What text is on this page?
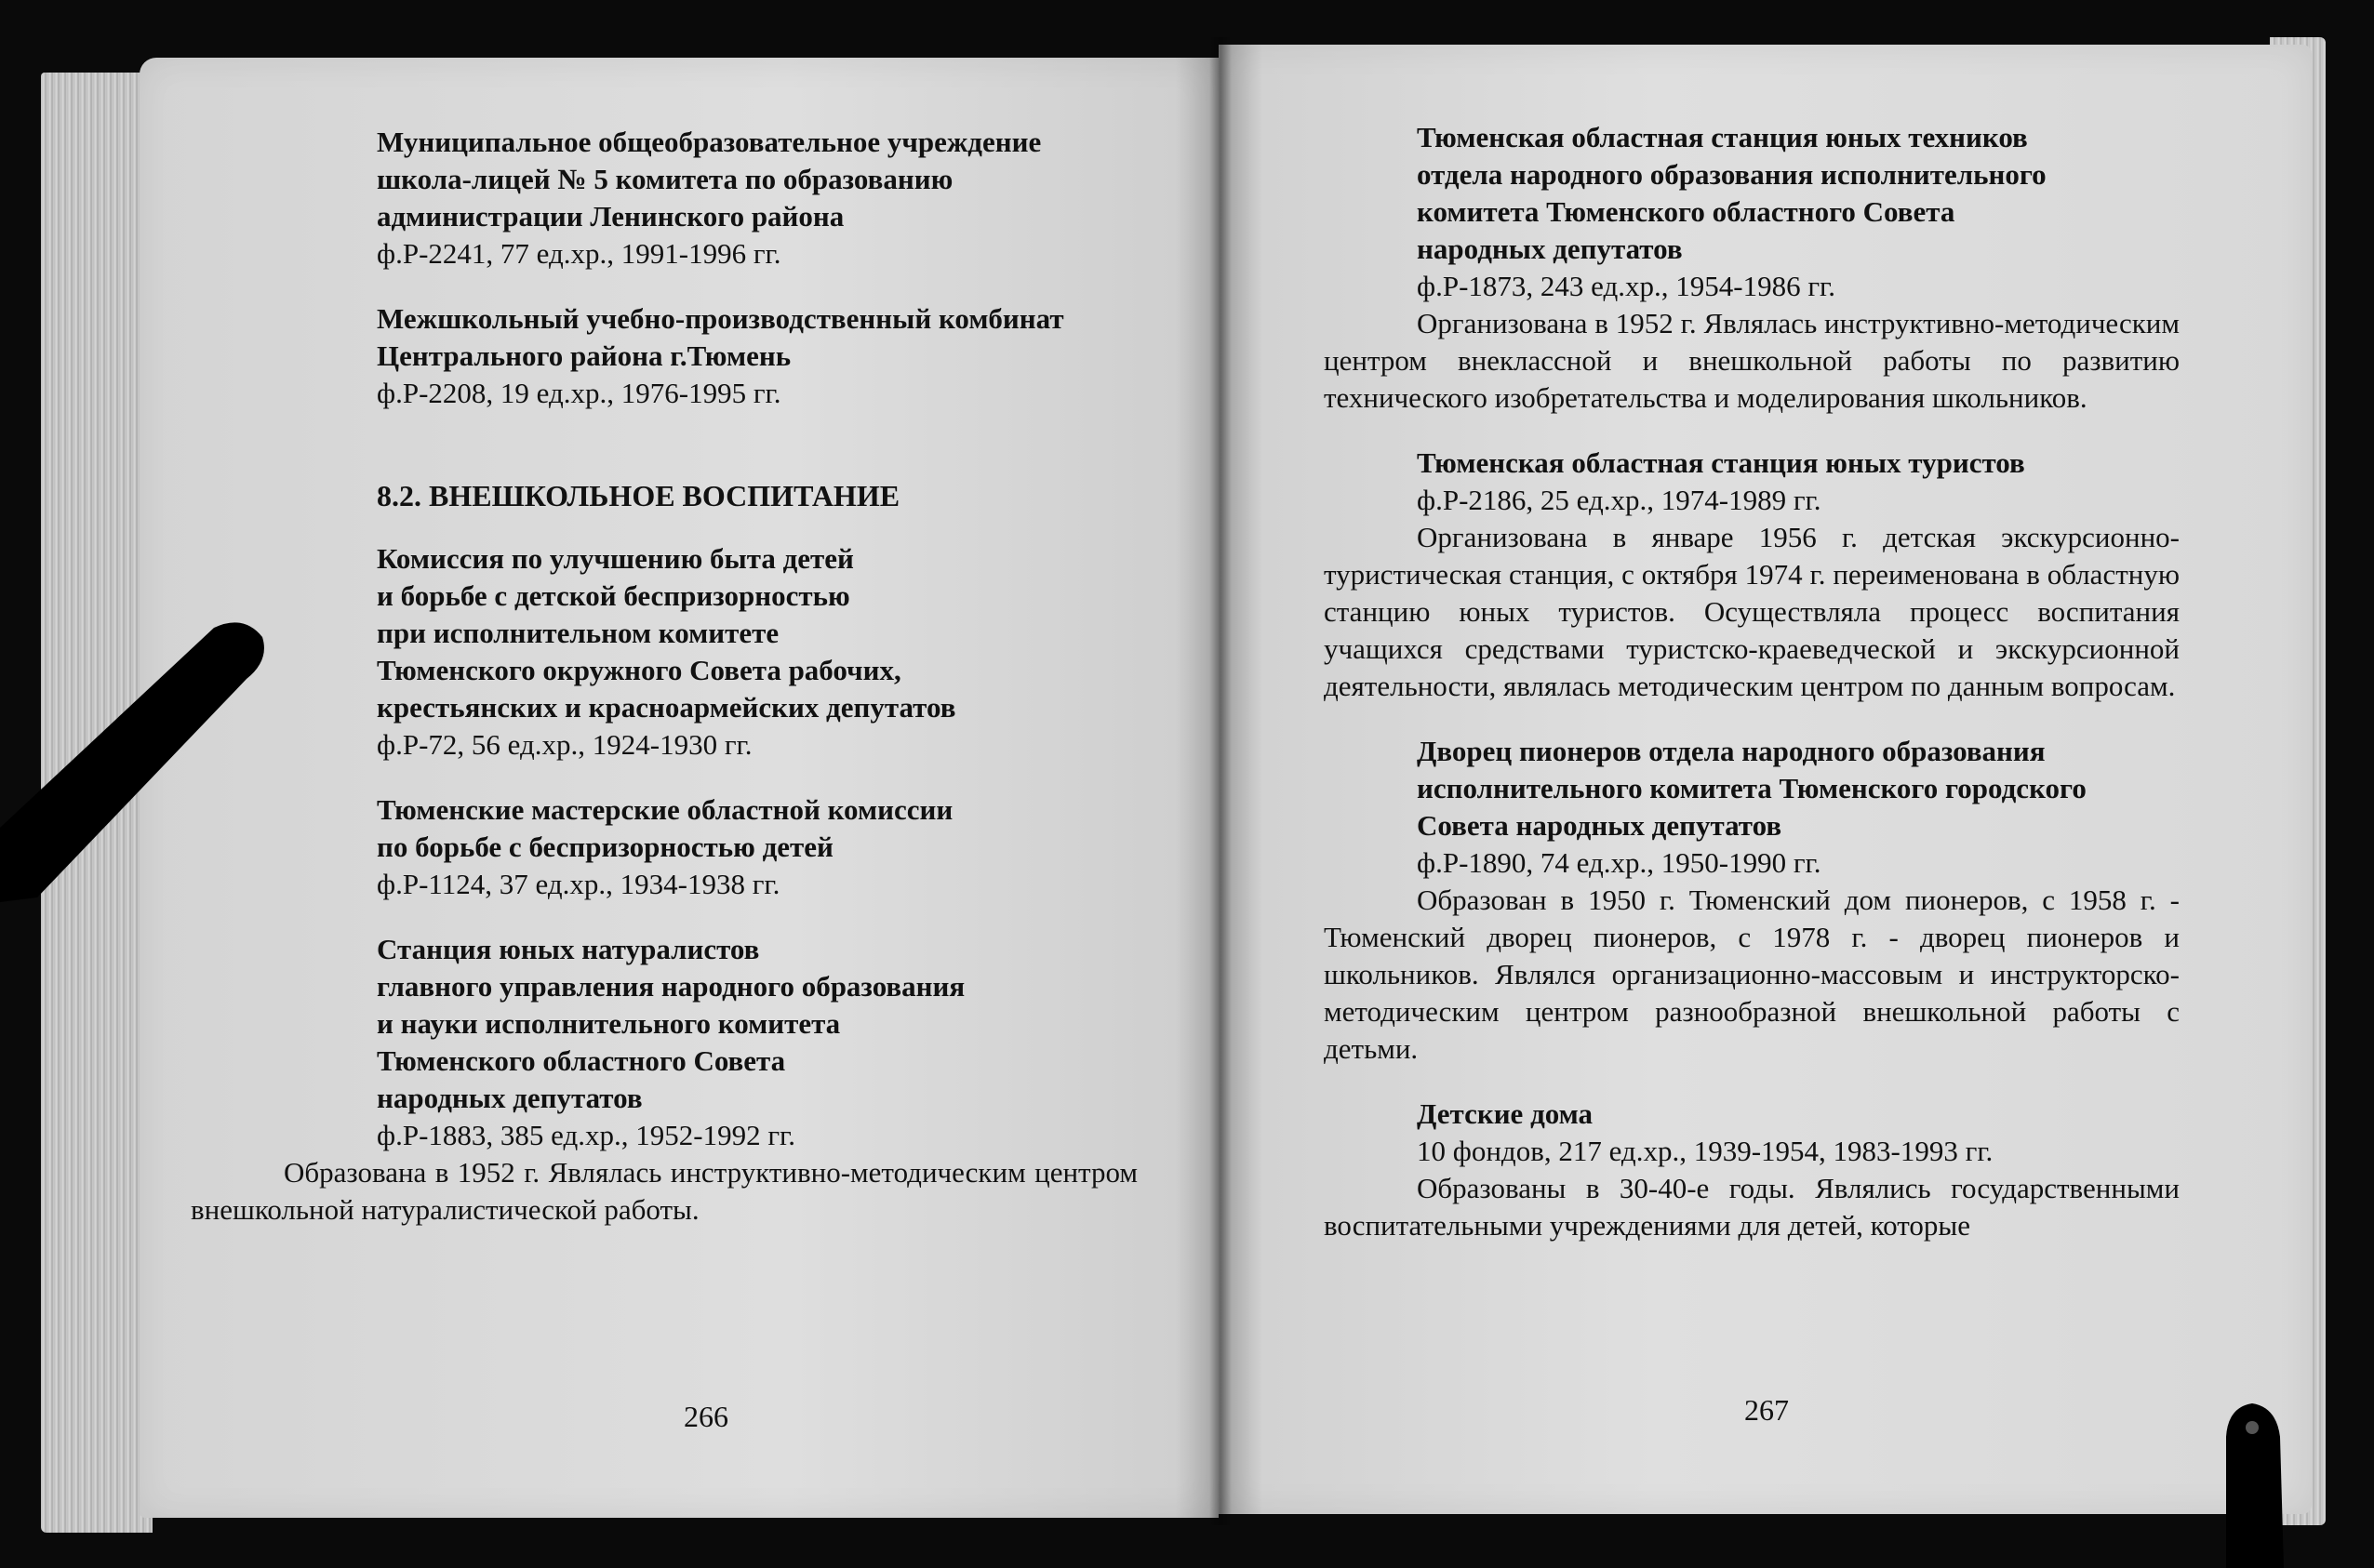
Муниципальное общеобразовательное учреждение
школа-лицей № 5 комитета по образованию
администрации Ленинского района

ф.Р-2241, 77 ед.хр., 1991-1996 гг.

Межшкольный учебно-производственный комбинат
Центрального района г.Тюмень

ф.Р-2208, 19 ед.хр., 1976-1995 гг.

8.2. ВНЕШКОЛЬНОЕ ВОСПИТАНИЕ

Комиссия по улучшению быта детей
и борьбе с детской беспризорностью
при исполнительном комитете
Тюменского окружного Совета рабочих,
крестьянских и красноармейских депутатов

ф.Р-72, 56 ед.хр., 1924-1930 гг.

Тюменские мастерские областной комиссии
по борьбе с беспризорностью детей

ф.Р-1124, 37 ед.хр., 1934-1938 гг.

Станция юных натуралистов
главного управления народного образования
и науки исполнительного комитета
Тюменского областного Совета
народных депутатов

ф.Р-1883, 385 ед.хр., 1952-1992 гг.

Образована в 1952 г. Являлась инструктивно-методическим центром внешкольной натуралистической работы.

266

Тюменская областная станция юных техников
отдела народного образования исполнительного
комитета Тюменского областного Совета
народных депутатов

ф.Р-1873, 243 ед.хр., 1954-1986 гг.

Организована в 1952 г. Являлась инструктивно-методическим центром внеклассной и внешкольной работы по развитию технического изобретательства и моделирования школьников.

Тюменская областная станция юных туристов

ф.Р-2186, 25 ед.хр., 1974-1989 гг.

Организована в январе 1956 г. детская экскурсионно-туристическая станция, с октября 1974 г. переименована в областную станцию юных туристов. Осуществляла процесс воспитания учащихся средствами туристско-краеведческой и экскурсионной деятельности, являлась методическим центром по данным вопросам.

Дворец пионеров отдела народного образования
исполнительного комитета Тюменского городского
Совета народных депутатов

ф.Р-1890, 74 ед.хр., 1950-1990 гг.

Образован в 1950 г. Тюменский дом пионеров, с 1958 г. - Тюменский дворец пионеров, с 1978 г. - дворец пионеров и школьников. Являлся организационно-массовым и инструкторско-методическим центром разнообразной внешкольной работы с детьми.

Детские дома

10 фондов, 217 ед.хр., 1939-1954, 1983-1993 гг.

Образованы в 30-40-е годы. Являлись государственными воспитательными учреждениями для детей, которые

267
